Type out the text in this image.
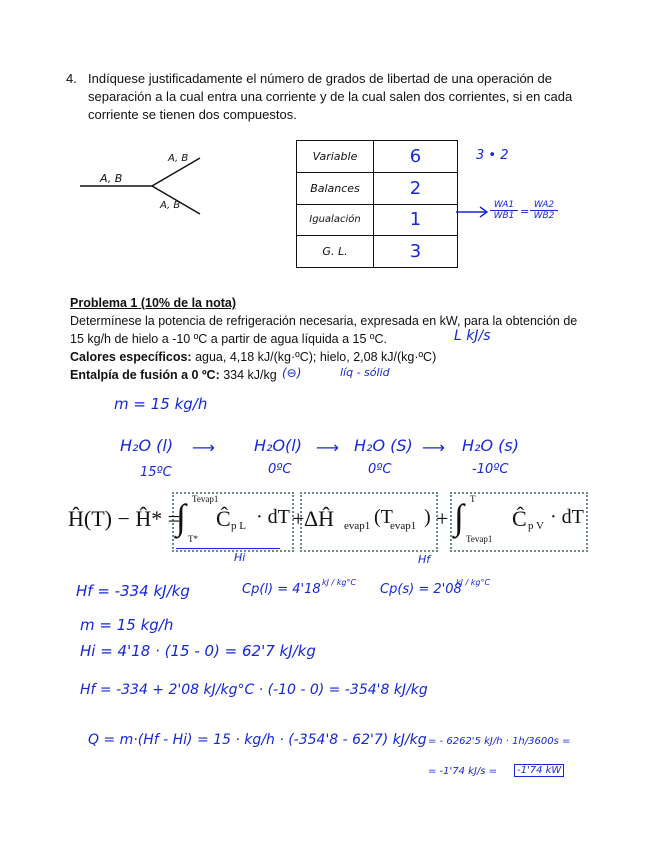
4. Indíquese justificadamente el número de grados de libertad de una operación de separación a la cual entra una corriente y de la cual salen dos corrientes, si en cada corriente se tienen dos compuestos.
A, B
A, B
A, B
Variable	6
Balances	2
Igualación	1
G. L.	3
3 • 2
$\frac{WA1}{WB1} = \frac{WA2}{WB2}$
Problema 1 (10% de la nota)
Determínese la potencia de refrigeración necesaria, expresada en kW, para la obtención de 15 kg/h de hielo a -10 ºC a partir de agua líquida a 15 ºC.
Calores específicos: agua, 4,18 kJ/(kg·ºC); hielo, 2,08 kJ/(kg·ºC)
Entalpía de fusión a 0 ºC: 334 kJ/kg
L kJ/s
(⊖)	líq - sólid
m = 15 kg/h
H₂O (l) ⟶ H₂O(l) ⟶ H₂O (S) ⟶ H₂O (s)
15ºC	0ºC	0ºC	-10ºC
Ĥ(T) − Ĥ* =
∫ Tevap1
T*
Ĉ p L · dT + ΔĤ evap1 (T
evap1 ) + ∫ T
Tevap1
Ĉ p V · dT
Hi	Hf
Hf = -334 kJ/kg	Cp(l) = 4'18 kJ / kg°C Cp(s) = 2'08
kJ / kg°C
m = 15 kg/h
Hi = 4'18 · (15 - 0) = 62'7 kJ/kg
Hf = -334 + 2'08 kJ/kg°C · (-10 - 0) = -354'8 kJ/kg
Q = m·(Hf - Hi) = 15 · kg/h · (-354'8 - 62'7) kJ/kg = - 6262'5 kJ/h · 1h/3600s =
= -1'74 kJ/s =	-1'74 kW
